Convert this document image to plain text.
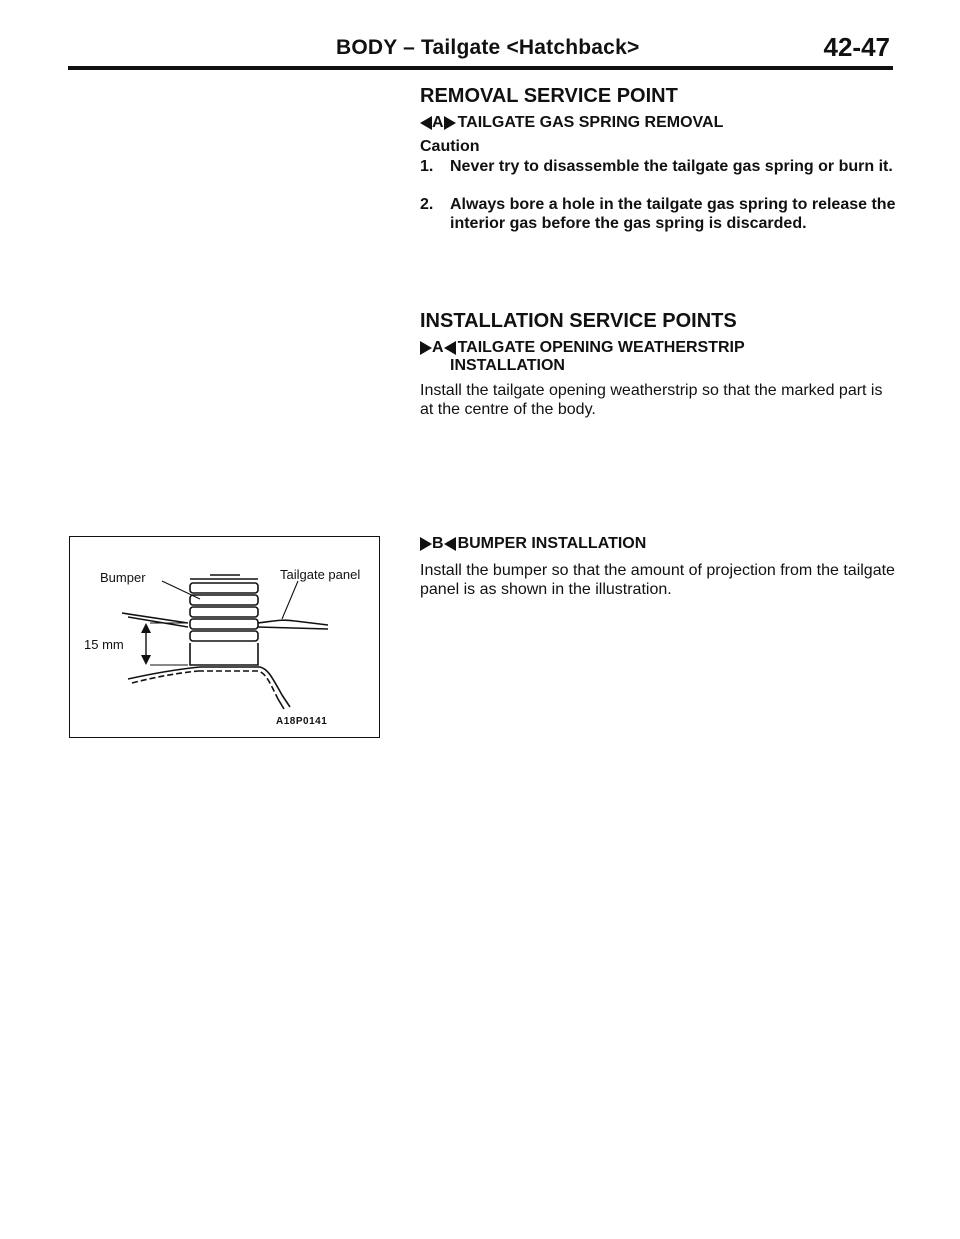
BODY – Tailgate <Hatchback>	42-47
REMOVAL SERVICE POINT
A TAILGATE GAS SPRING REMOVAL
Caution
1.	Never try to disassemble the tailgate gas spring or burn it.
2.	Always bore a hole in the tailgate gas spring to release the interior gas before the gas spring is discarded.
INSTALLATION SERVICE POINTS
A TAILGATE OPENING WEATHERSTRIP
INSTALLATION
Install the tailgate opening weatherstrip so that the marked part is at the centre of the body.
B BUMPER INSTALLATION
Install the bumper so that the amount of projection from the tailgate panel is as shown in the illustration.
Bumper	Tailgate panel
15 mm
A18P0141
